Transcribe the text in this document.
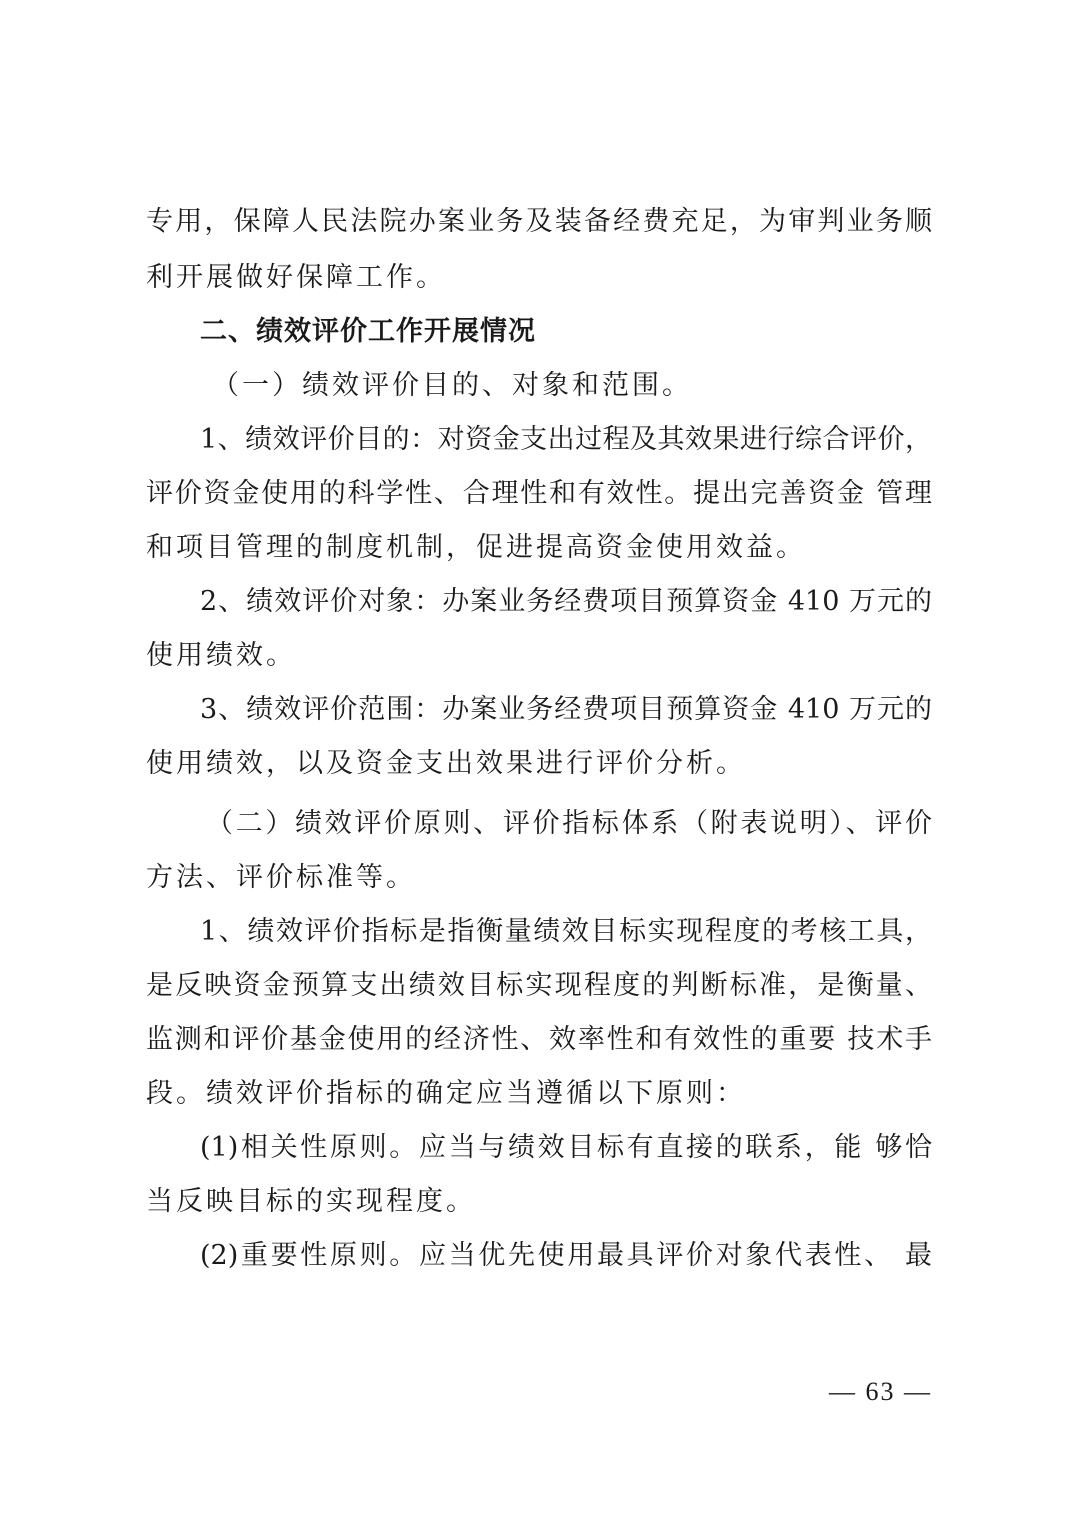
专用，保障人民法院办案业务及装备经费充足，为审判业务顺
利开展做好保障工作。
二、绩效评价工作开展情况
（一）绩效评价目的、对象和范围。
1、绩效评价目的：对资金支出过程及其效果进行综合评价，
评价资金使用的科学性、合理性和有效性。提出完善资金 管理
和项目管理的制度机制，促进提高资金使用效益。
2、绩效评价对象：办案业务经费项目预算资金 410 万元的
使用绩效。
3、绩效评价范围：办案业务经费项目预算资金 410 万元的
使用绩效，以及资金支出效果进行评价分析。
（二）绩效评价原则、评价指标体系（附表说明）、评价
方法、评价标准等。
1、绩效评价指标是指衡量绩效目标实现程度的考核工具，
是反映资金预算支出绩效目标实现程度的判断标准，是衡量、
监测和评价基金使用的经济性、效率性和有效性的重要 技术手
段。绩效评价指标的确定应当遵循以下原则：
(1)相关性原则。应当与绩效目标有直接的联系，能 够恰
当反映目标的实现程度。
(2)重要性原则。应当优先使用最具评价对象代表性、 最
— 63 —
